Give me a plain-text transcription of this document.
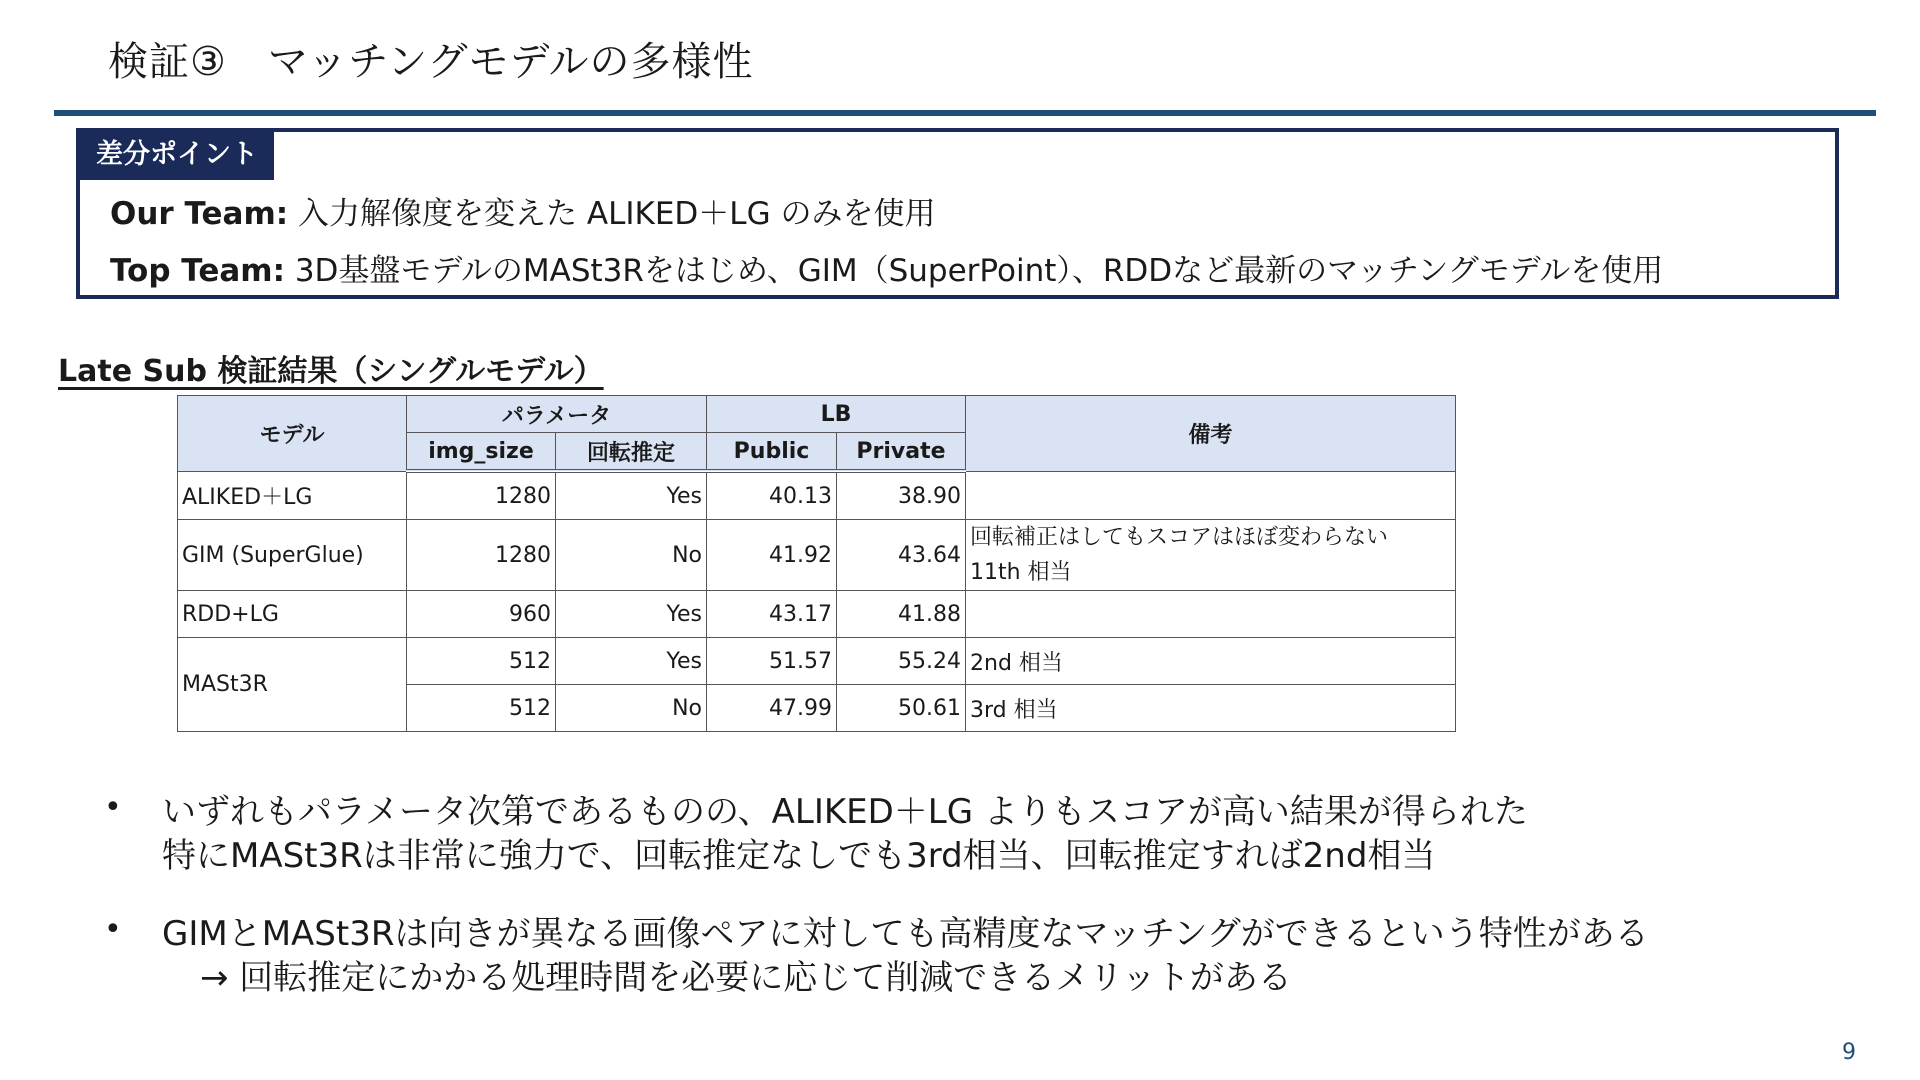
検証③　マッチングモデルの多様性
差分ポイント
Our Team: 入力解像度を変えた ALIKED＋LG のみを使用
Top Team: 3D基盤モデルのMASt3Rをはじめ、GIM（SuperPoint）、RDDなど最新のマッチングモデルを使用
Late Sub 検証結果（シングルモデル）
モデル	パラメータ		LB		備考
	img_size	回転推定	Public	Private	
ALIKED＋LG	1280	Yes	40.13	38.90	
GIM (SuperGlue)	1280	No	41.92	43.64	回転補正はしてもスコアはほぼ変わらない
11th 相当

RDD+LG	960	Yes	43.17	41.88	
MASt3R	512	Yes	51.57	55.24	2nd 相当
	512	No	47.99	50.61	3rd 相当
• いずれもパラメータ次第であるものの、ALIKED＋LG よりもスコアが高い結果が得られた
特にMASt3Rは非常に強力で、回転推定なしでも3rd相当、回転推定すれば2nd相当
• GIMとMASt3Rは向きが異なる画像ペアに対しても高精度なマッチングができるという特性がある
→ 回転推定にかかる処理時間を必要に応じて削減できるメリットがある
9
